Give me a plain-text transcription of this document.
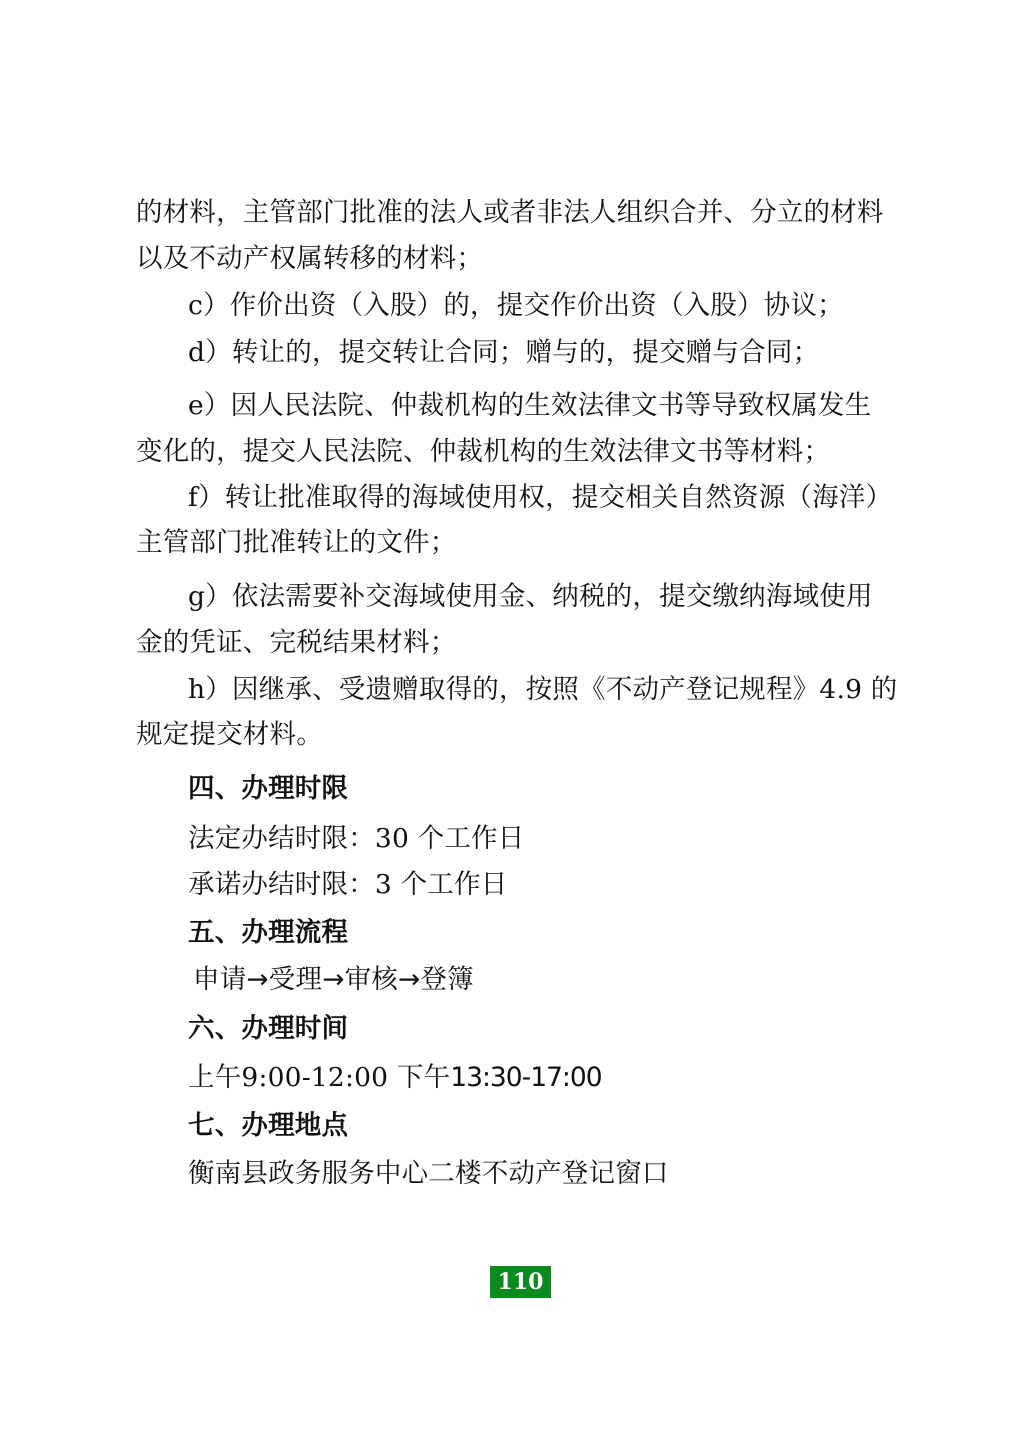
的材料，主管部门批准的法人或者非法人组织合并、分立的材料
以及不动产权属转移的材料；
c）作价出资（入股）的，提交作价出资（入股）协议；
d）转让的，提交转让合同；赠与的，提交赠与合同；
e）因人民法院、仲裁机构的生效法律文书等导致权属发生
变化的，提交人民法院、仲裁机构的生效法律文书等材料；
f）转让批准取得的海域使用权，提交相关自然资源（海洋）
主管部门批准转让的文件；
g）依法需要补交海域使用金、纳税的，提交缴纳海域使用
金的凭证、完税结果材料；
h）因继承、受遗赠取得的，按照《不动产登记规程》4.9 的
规定提交材料。
四、办理时限
法定办结时限：30 个工作日
承诺办结时限：3 个工作日
五、办理流程
申请→受理→审核→登簿
六、办理时间
上午9:00-12:00 下午13:30-17:00
七、办理地点
衡南县政务服务中心二楼不动产登记窗口
110
